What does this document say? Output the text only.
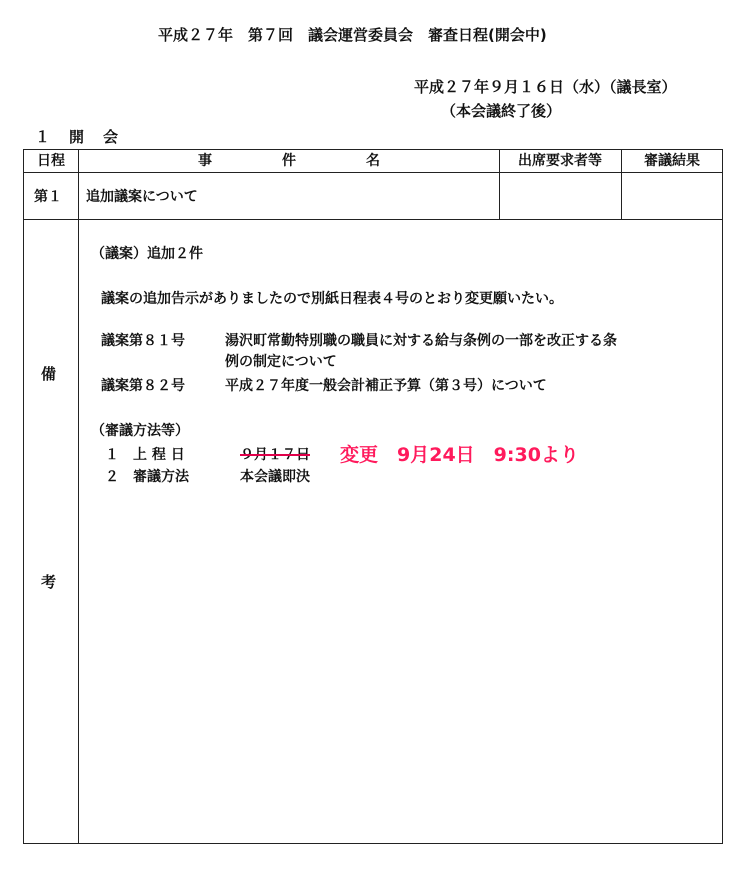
平成２７年　第７回　議会運営委員会　審査日程(開会中)
平成２７年９月１６日（水）（議長室）
（本会議終了後）
１　開　会
日程	事　　　　　件　　　　　名	出席要求者等	審議結果
第１ 追加議案について
備
考
（議案）追加２件
議案の追加告示がありましたので別紙日程表４号のとおり変更願いたい。
議案第８１号	湯沢町常勤特別職の職員に対する給与条例の一部を改正する条
例の制定について
議案第８２号	平成２７年度一般会計補正予算（第３号）について
（審議方法等）
１　上 程 日	９月１７日 変更　9月24日　9:30より
２　審議方法	本会議即決
